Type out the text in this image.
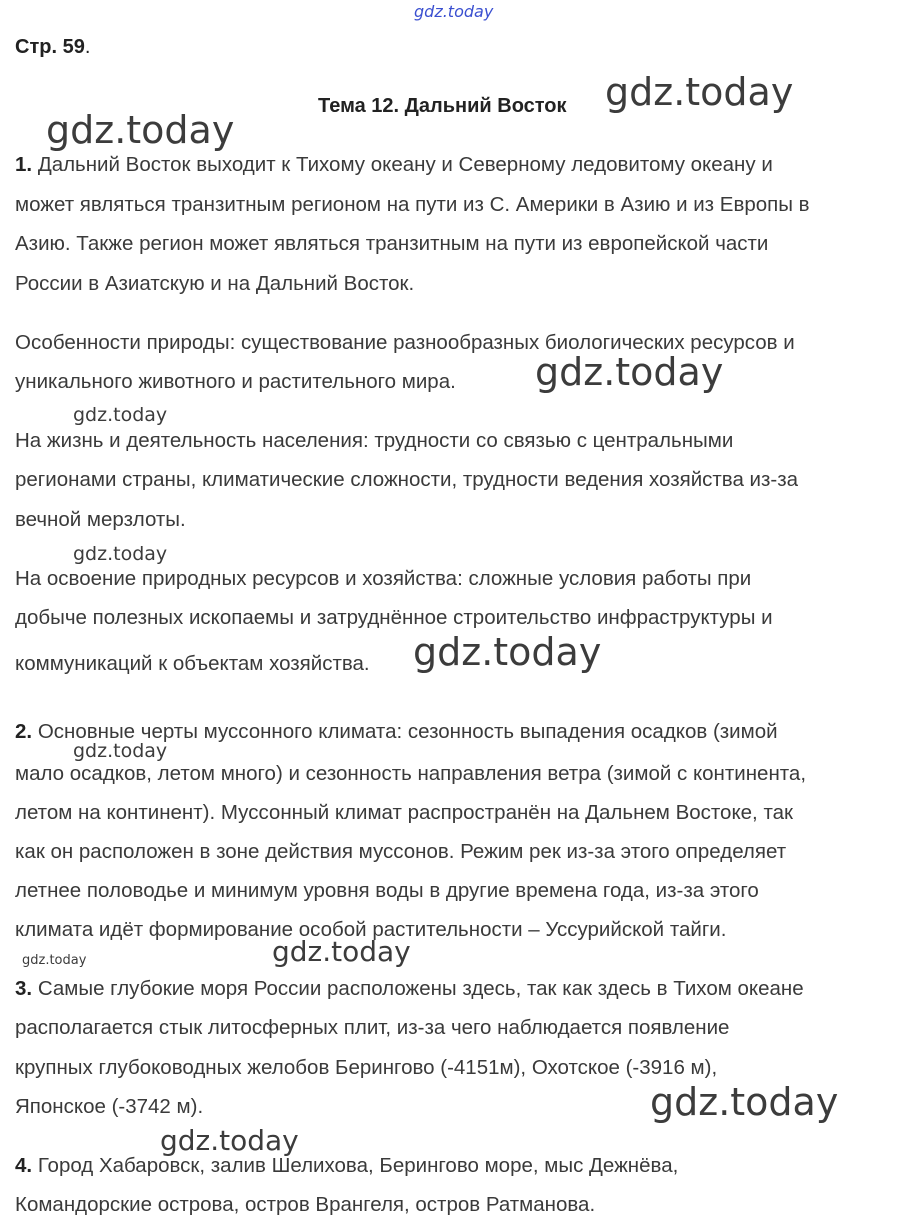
gdz.today
Стр. 59.
Тема 12. Дальний Восток
1. Дальний Восток выходит к Тихому океану и Северному ледовитому океану и
может являться транзитным регионом на пути из С. Америки в Азию и из Европы в
Азию. Также регион может являться транзитным на пути из европейской части
России в Азиатскую и на Дальний Восток.
Особенности природы: существование разнообразных биологических ресурсов и
уникального животного и растительного мира.
На жизнь и деятельность населения: трудности со связью с центральными
регионами страны, климатические сложности, трудности ведения хозяйства из-за
вечной мерзлоты.
На освоение природных ресурсов и хозяйства: сложные условия работы при
добыче полезных ископаемы и затруднённое строительство инфраструктуры и
коммуникаций к объектам хозяйства.
2. Основные черты муссонного климата: сезонность выпадения осадков (зимой
мало осадков, летом много) и сезонность направления ветра (зимой с континента,
летом на континент). Муссонный климат распространён на Дальнем Востоке, так
как он расположен в зоне действия муссонов. Режим рек из-за этого определяет
летнее половодье и минимум уровня воды в другие времена года, из-за этого
климата идёт формирование особой растительности – Уссурийской тайги.
3. Самые глубокие моря России расположены здесь, так как здесь в Тихом океане
располагается стык литосферных плит, из-за чего наблюдается появление
крупных глубоководных желобов Берингово (-4151м), Охотское (-3916 м),
Японское (-3742 м).
4. Город Хабаровск, залив Шелихова, Берингово море, мыс Дежнёва,
Командорские острова, остров Врангеля, остров Ратманова.
gdz.today
gdz.today
gdz.today
gdz.today
gdz.today
gdz.today
gdz.today
gdz.today
gdz.today
gdz.today
gdz.today
